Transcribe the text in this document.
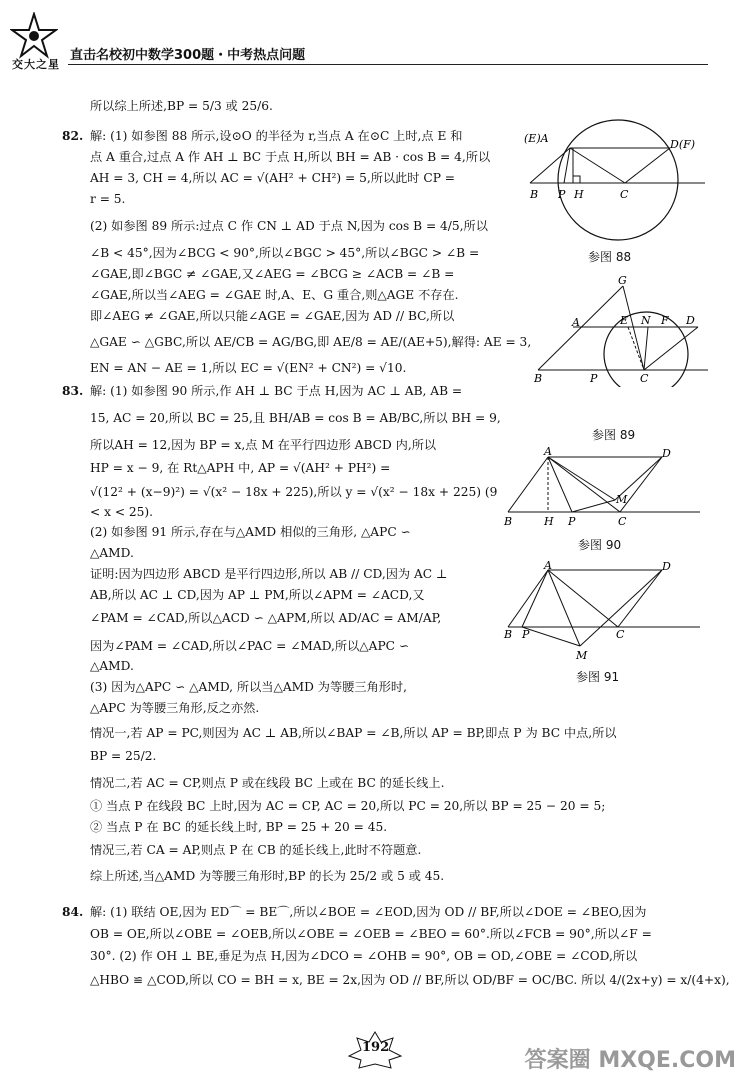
交大之星
直击名校初中数学300题・中考热点问题
所以综上所述,BP = 5/3 或 25/6.
82. 解: (1) 如参图 88 所示,设⊙O 的半径为 r,当点 A 在⊙C 上时,点 E 和
点 A 重合,过点 A 作 AH ⊥ BC 于点 H,所以 BH = AB · cos B = 4,所以
AH = 3, CH = 4,所以 AC = √(AH² + CH²) = 5,所以此时 CP =
r = 5.
(2) 如参图 89 所示:过点 C 作 CN ⊥ AD 于点 N,因为 cos B = 4/5,所以
∠B < 45°,因为∠BCG < 90°,所以∠BGC > 45°,所以∠BGC > ∠B =
∠GAE,即∠BGC ≠ ∠GAE,又∠AEG = ∠BCG ≥ ∠ACB = ∠B =
∠GAE,所以当∠AEG = ∠GAE 时,A、E、G 重合,则△AGE 不存在.
即∠AEG ≠ ∠GAE,所以只能∠AGE = ∠GAE,因为 AD // BC,所以
△GAE ∽ △GBC,所以 AE/CB = AG/BG,即 AE/8 = AE/(AE+5),解得: AE = 3,
EN = AN − AE = 1,所以 EC = √(EN² + CN²) = √10.
83. 解: (1) 如参图 90 所示,作 AH ⊥ BC 于点 H,因为 AC ⊥ AB, AB =
15, AC = 20,所以 BC = 25,且 BH/AB = cos B = AB/BC,所以 BH = 9,
所以AH = 12,因为 BP = x,点 M 在平行四边形 ABCD 内,所以
HP = x − 9, 在 Rt△APH 中, AP = √(AH² + PH²) =
√(12² + (x−9)²) = √(x² − 18x + 225),所以 y = √(x² − 18x + 225) (9
< x < 25).
(2) 如参图 91 所示,存在与△AMD 相似的三角形, △APC ∽
△AMD.
证明:因为四边形 ABCD 是平行四边形,所以 AB // CD,因为 AC ⊥
AB,所以 AC ⊥ CD,因为 AP ⊥ PM,所以∠APM = ∠ACD,又
∠PAM = ∠CAD,所以△ACD ∽ △APM,所以 AD/AC = AM/AP,
因为∠PAM = ∠CAD,所以∠PAC = ∠MAD,所以△APC ∽
△AMD.
(3) 因为△APC ∽ △AMD, 所以当△AMD 为等腰三角形时,
△APC 为等腰三角形,反之亦然.
情况一,若 AP = PC,则因为 AC ⊥ AB,所以∠BAP = ∠B,所以 AP = BP,即点 P 为 BC 中点,所以
BP = 25/2.
情况二,若 AC = CP,则点 P 或在线段 BC 上或在 BC 的延长线上.
① 当点 P 在线段 BC 上时,因为 AC = CP, AC = 20,所以 PC = 20,所以 BP = 25 − 20 = 5;
② 当点 P 在 BC 的延长线上时, BP = 25 + 20 = 45.
情况三,若 CA = AP,则点 P 在 CB 的延长线上,此时不符题意.
综上所述,当△AMD 为等腰三角形时,BP 的长为 25/2 或 5 或 45.
84. 解: (1) 联结 OE,因为 ED⌒ = BE⌒,所以∠BOE = ∠EOD,因为 OD // BF,所以∠DOE = ∠BEO,因为
OB = OE,所以∠OBE = ∠OEB,所以∠OBE = ∠OEB = ∠BEO = 60°.所以∠FCB = 90°,所以∠F =
30°. (2) 作 OH ⊥ BE,垂足为点 H,因为∠DCO = ∠OHB = 90°, OB = OD,∠OBE = ∠COD,所以
△HBO ≌ △COD,所以 CO = BH = x, BE = 2x,因为 OD // BF,所以 OD/BF = OC/BC. 所以 4/(2x+y) = x/(4+x),
(E)A	D(F)
B P H	C
参图 88
G
A	E N F D
B	P	C
参图 89
A	D
M
B	H P	C
参图 90
A	D
B P	C
M
参图 91
192
答案圈 MXQE.COM
